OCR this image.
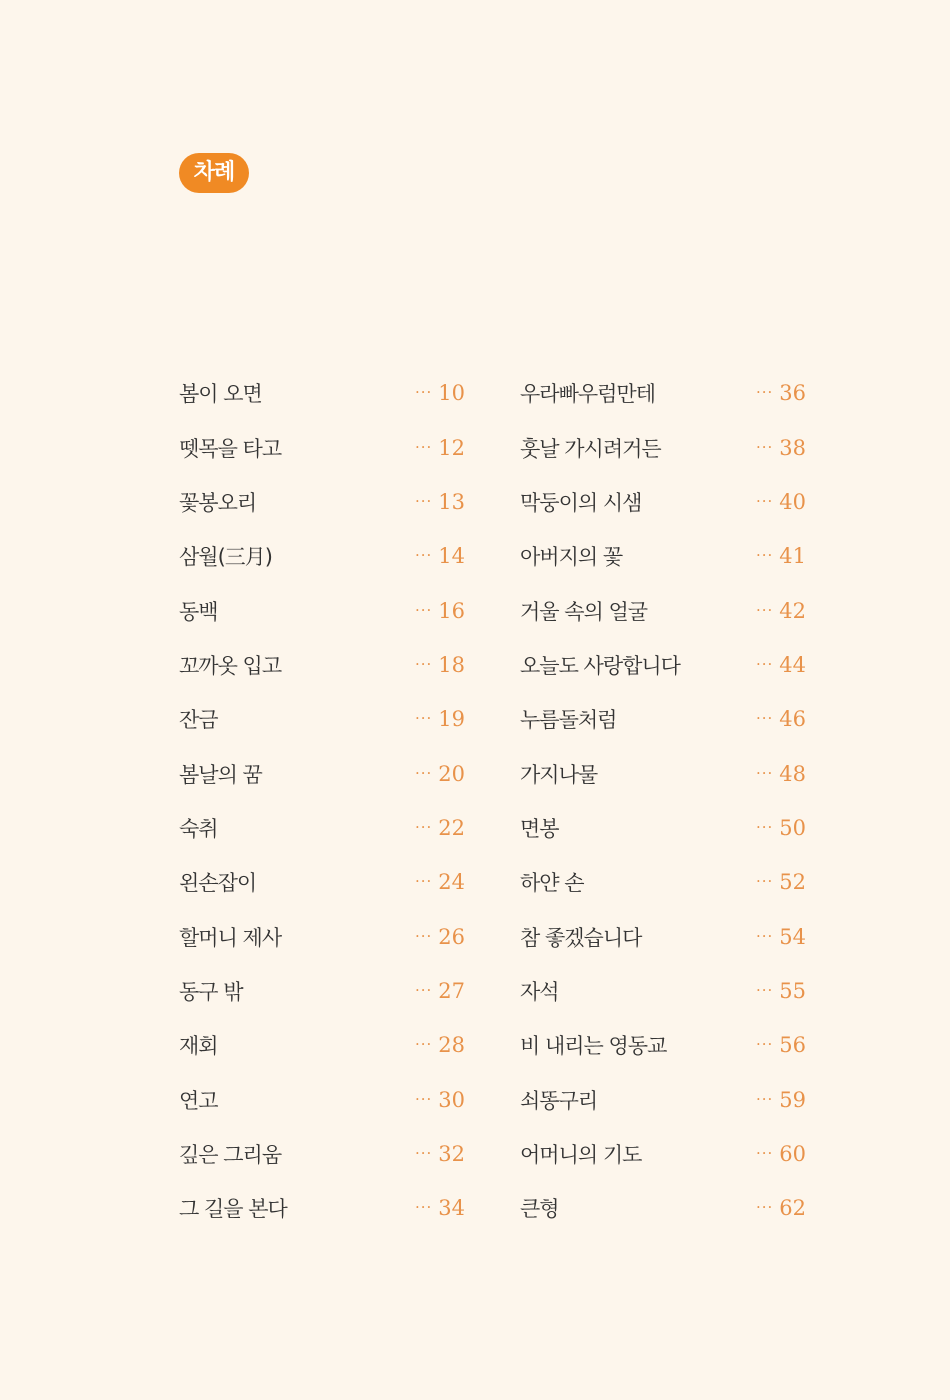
차례
봄이 오면	··· 10
뗏목을 타고	··· 12
꽃봉오리	··· 13
삼월(三月)	··· 14
동백	··· 16
꼬까옷 입고	··· 18
잔금	··· 19
봄날의 꿈	··· 20
숙취	··· 22
왼손잡이	··· 24
할머니 제사	··· 26
동구 밖	··· 27
재회	··· 28
연고	··· 30
깊은 그리움	··· 32
그 길을 본다	··· 34
우라빠우럼만테	··· 36
훗날 가시려거든	··· 38
막둥이의 시샘	··· 40
아버지의 꽃	··· 41
거울 속의 얼굴	··· 42
오늘도 사랑합니다	··· 44
누름돌처럼	··· 46
가지나물	··· 48
면봉	··· 50
하얀 손	··· 52
참 좋겠습니다	··· 54
자석	··· 55
비 내리는 영동교	··· 56
쇠똥구리	··· 59
어머니의 기도	··· 60
큰형	··· 62
